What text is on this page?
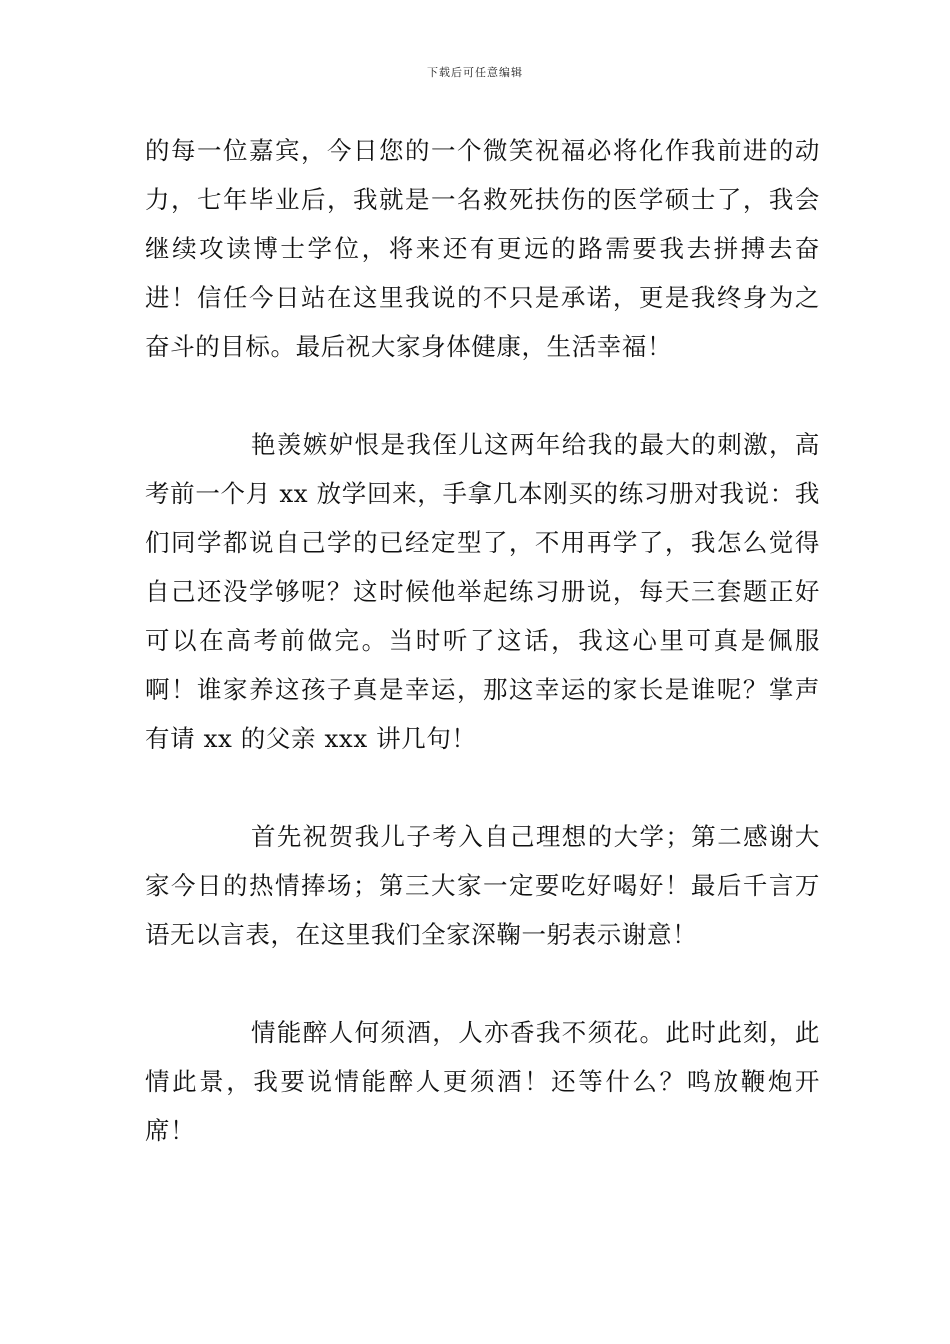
下载后可任意编辑

的每一位嘉宾，今日您的一个微笑祝福必将化作我前进的动力，七年毕业后，我就是一名救死扶伤的医学硕士了，我会继续攻读博士学位，将来还有更远的路需要我去拼搏去奋进！信任今日站在这里我说的不只是承诺，更是我终身为之奋斗的目标。最后祝大家身体健康，生活幸福！

艳羡嫉妒恨是我侄儿这两年给我的最大的刺激，高考前一个月 xx 放学回来，手拿几本刚买的练习册对我说：我们同学都说自己学的已经定型了，不用再学了，我怎么觉得自己还没学够呢？这时候他举起练习册说，每天三套题正好可以在高考前做完。当时听了这话，我这心里可真是佩服啊！谁家养这孩子真是幸运，那这幸运的家长是谁呢？掌声有请 xx 的父亲 xxx 讲几句！

首先祝贺我儿子考入自己理想的大学；第二感谢大家今日的热情捧场；第三大家一定要吃好喝好！最后千言万语无以言表，在这里我们全家深鞠一躬表示谢意！

情能醉人何须酒，人亦香我不须花。此时此刻，此情此景，我要说情能醉人更须酒！还等什么？鸣放鞭炮开席！
